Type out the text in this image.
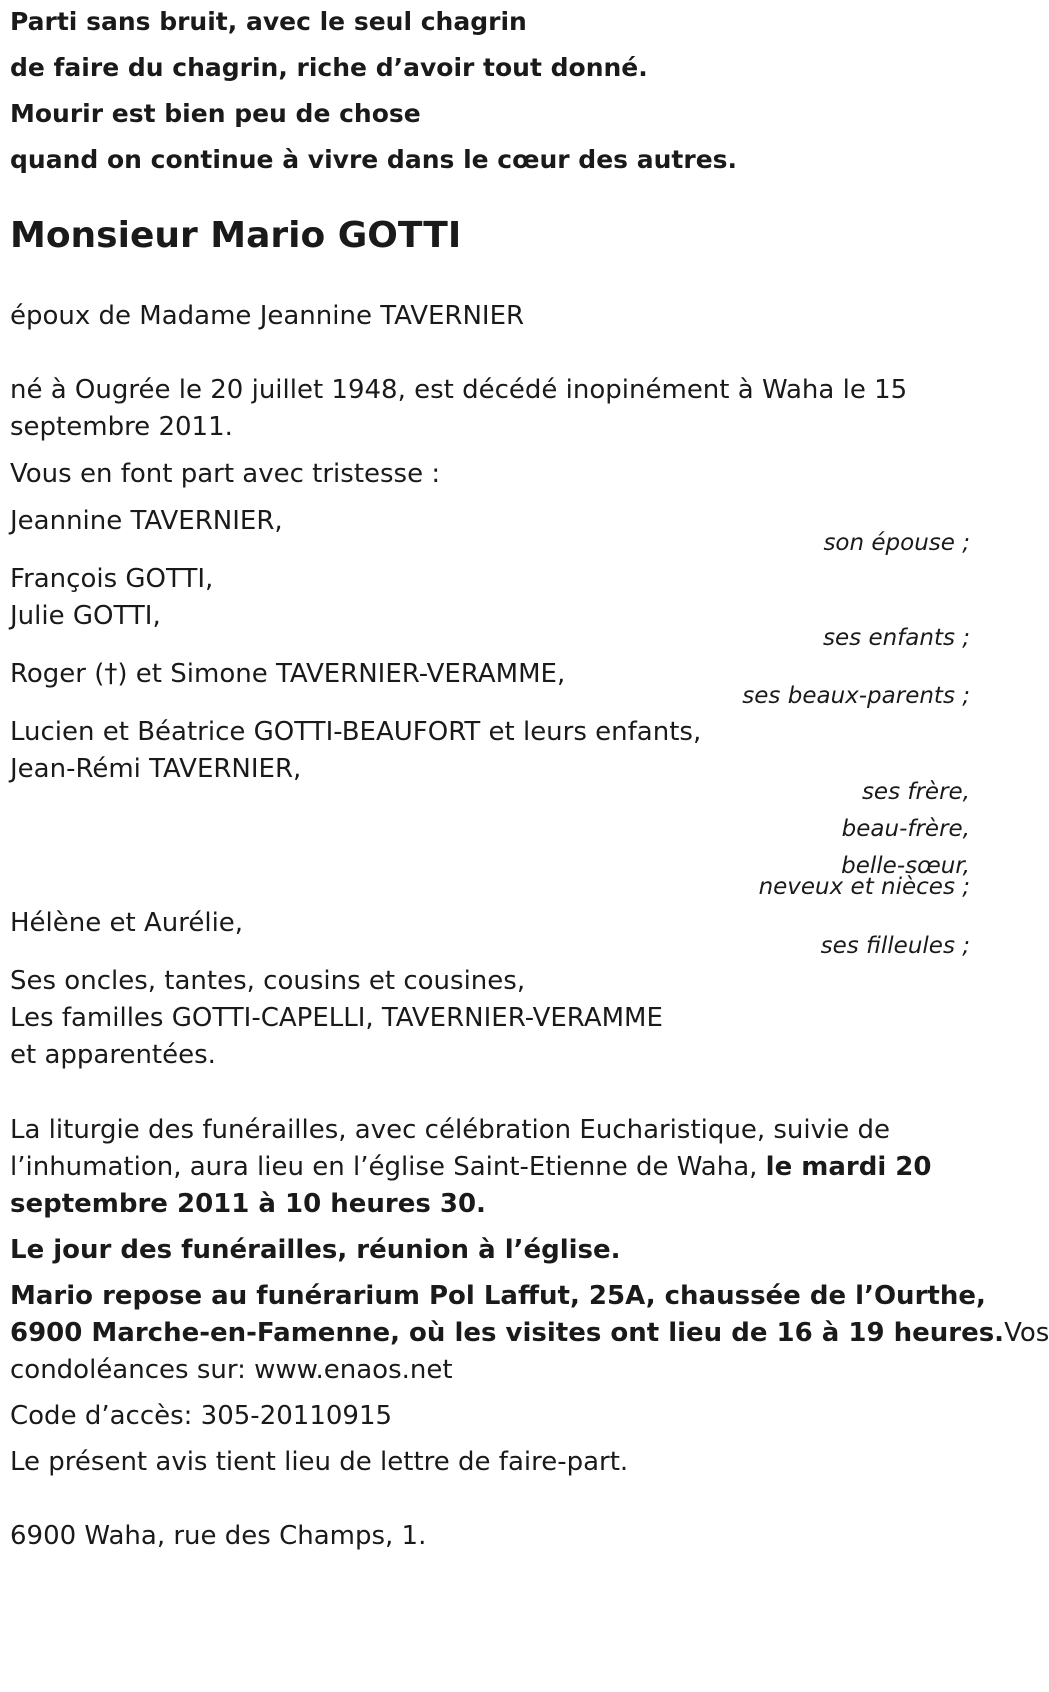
Parti sans bruit, avec le seul chagrin
de faire du chagrin, riche d’avoir tout donné.
Mourir est bien peu de chose
quand on continue à vivre dans le cœur des autres.
Monsieur Mario GOTTI
époux de Madame Jeannine TAVERNIER
né à Ougrée le 20 juillet 1948, est décédé inopinément à Waha le 15
septembre 2011.
Vous en font part avec tristesse :
Jeannine TAVERNIER,
son épouse ;
François GOTTI,
Julie GOTTI,
ses enfants ;
Roger (†) et Simone TAVERNIER-VERAMME,
ses beaux-parents ;
Lucien et Béatrice GOTTI-BEAUFORT et leurs enfants,
Jean-Rémi TAVERNIER,
ses frère,
beau-frère,
belle-sœur,
neveux et nièces ;
Hélène et Aurélie,
ses filleules ;
Ses oncles, tantes, cousins et cousines,
Les familles GOTTI-CAPELLI, TAVERNIER-VERAMME
et apparentées.
La liturgie des funérailles, avec célébration Eucharistique, suivie de
l’inhumation, aura lieu en l’église Saint-Etienne de Waha, le mardi 20
septembre 2011 à 10 heures 30.
Le jour des funérailles, réunion à l’église.
Mario repose au funérarium Pol Laffut, 25A, chaussée de l’Ourthe,
6900 Marche-en-Famenne, où les visites ont lieu de 16 à 19 heures.Vos
condoléances sur: www.enaos.net
Code d’accès: 305-20110915
Le présent avis tient lieu de lettre de faire-part.
6900 Waha, rue des Champs, 1.
